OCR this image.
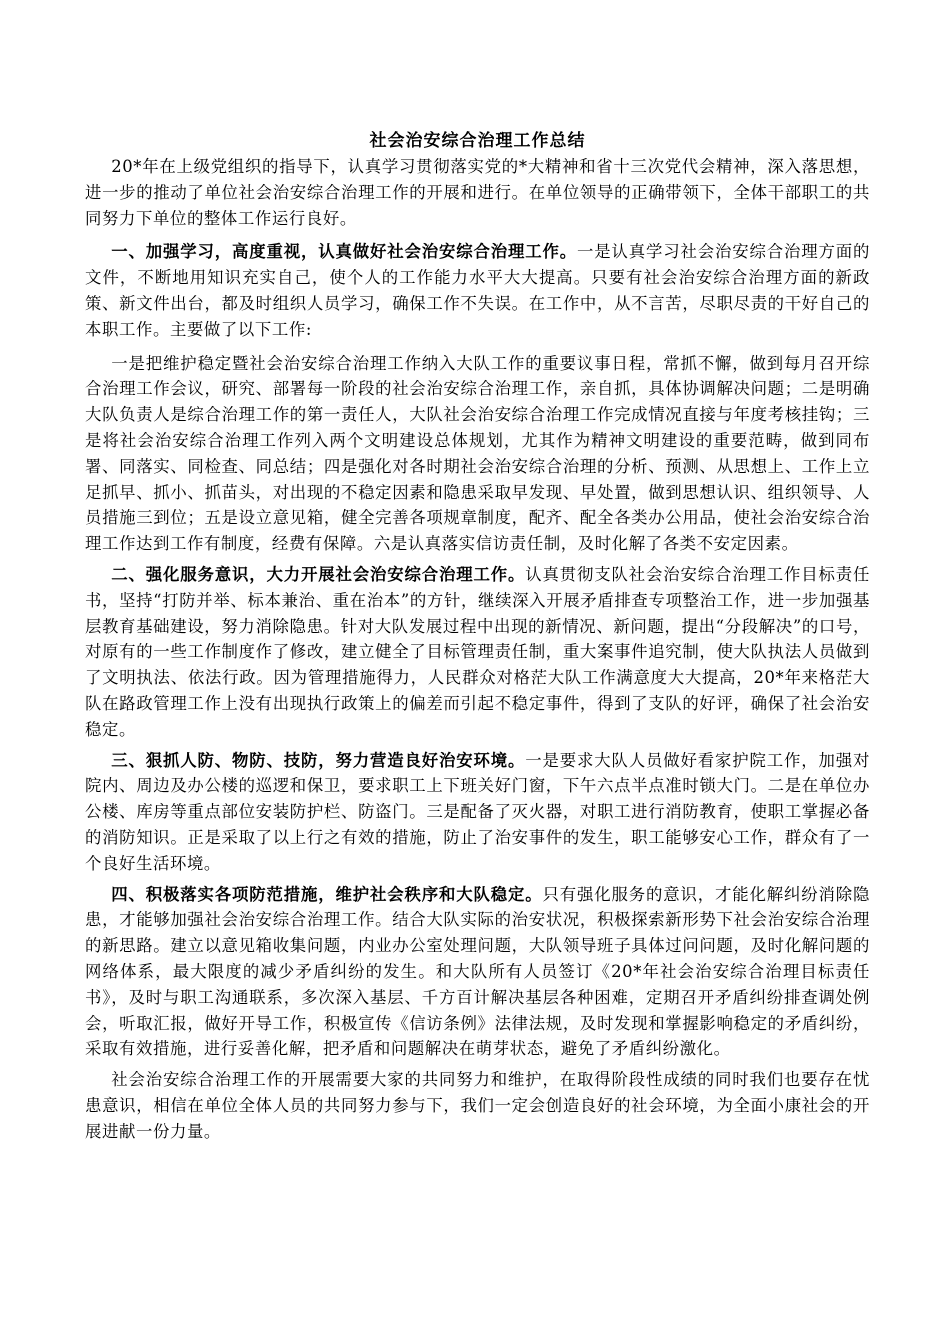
社会治安综合治理工作总结

20*年在上级党组织的指导下，认真学习贯彻落实党的*大精神和省十三次党代会精神，深入落思想，进一步的推动了单位社会治安综合治理工作的开展和进行。在单位领导的正确带领下，全体干部职工的共同努力下单位的整体工作运行良好。

一、加强学习，高度重视，认真做好社会治安综合治理工作。一是认真学习社会治安综合治理方面的文件，不断地用知识充实自己，使个人的工作能力水平大大提高。只要有社会治安综合治理方面的新政策、新文件出台，都及时组织人员学习，确保工作不失误。在工作中，从不言苦，尽职尽责的干好自己的本职工作。主要做了以下工作:

一是把维护稳定暨社会治安综合治理工作纳入大队工作的重要议事日程，常抓不懈，做到每月召开综合治理工作会议，研究、部署每一阶段的社会治安综合治理工作，亲自抓，具体协调解决问题；二是明确大队负责人是综合治理工作的第一责任人，大队社会治安综合治理工作完成情况直接与年度考核挂钩；三是将社会治安综合治理工作列入两个文明建设总体规划，尤其作为精神文明建设的重要范畴，做到同布署、同落实、同检查、同总结；四是强化对各时期社会治安综合治理的分析、预测、从思想上、工作上立足抓早、抓小、抓苗头，对出现的不稳定因素和隐患采取早发现、早处置，做到思想认识、组织领导、人员措施三到位；五是设立意见箱，健全完善各项规章制度，配齐、配全各类办公用品，使社会治安综合治理工作达到工作有制度，经费有保障。六是认真落实信访责任制，及时化解了各类不安定因素。

二、强化服务意识，大力开展社会治安综合治理工作。认真贯彻支队社会治安综合治理工作目标责任书，坚持“打防并举、标本兼治、重在治本”的方针，继续深入开展矛盾排查专项整治工作，进一步加强基层教育基础建设，努力消除隐患。针对大队发展过程中出现的新情况、新问题，提出“分段解决”的口号，对原有的一些工作制度作了修改，建立健全了目标管理责任制，重大案事件追究制，使大队执法人员做到了文明执法、依法行政。因为管理措施得力，人民群众对格茫大队工作满意度大大提高，20*年来格茫大队在路政管理工作上没有出现执行政策上的偏差而引起不稳定事件，得到了支队的好评，确保了社会治安稳定。

三、狠抓人防、物防、技防，努力营造良好治安环境。一是要求大队人员做好看家护院工作，加强对院内、周边及办公楼的巡逻和保卫，要求职工上下班关好门窗，下午六点半点准时锁大门。二是在单位办公楼、库房等重点部位安装防护栏、防盗门。三是配备了灭火器，对职工进行消防教育，使职工掌握必备的消防知识。正是采取了以上行之有效的措施，防止了治安事件的发生，职工能够安心工作，群众有了一个良好生活环境。

四、积极落实各项防范措施，维护社会秩序和大队稳定。只有强化服务的意识，才能化解纠纷消除隐患，才能够加强社会治安综合治理工作。结合大队实际的治安状况，积极探索新形势下社会治安综合治理的新思路。建立以意见箱收集问题，内业办公室处理问题，大队领导班子具体过问问题，及时化解问题的网络体系，最大限度的减少矛盾纠纷的发生。和大队所有人员签订《20*年社会治安综合治理目标责任书》，及时与职工沟通联系，多次深入基层、千方百计解决基层各种困难，定期召开矛盾纠纷排查调处例会，听取汇报，做好开导工作，积极宣传《信访条例》法律法规，及时发现和掌握影响稳定的矛盾纠纷，采取有效措施，进行妥善化解，把矛盾和问题解决在萌芽状态，避免了矛盾纠纷激化。

社会治安综合治理工作的开展需要大家的共同努力和维护，在取得阶段性成绩的同时我们也要存在忧患意识，相信在单位全体人员的共同努力参与下，我们一定会创造良好的社会环境，为全面小康社会的开展进献一份力量。
